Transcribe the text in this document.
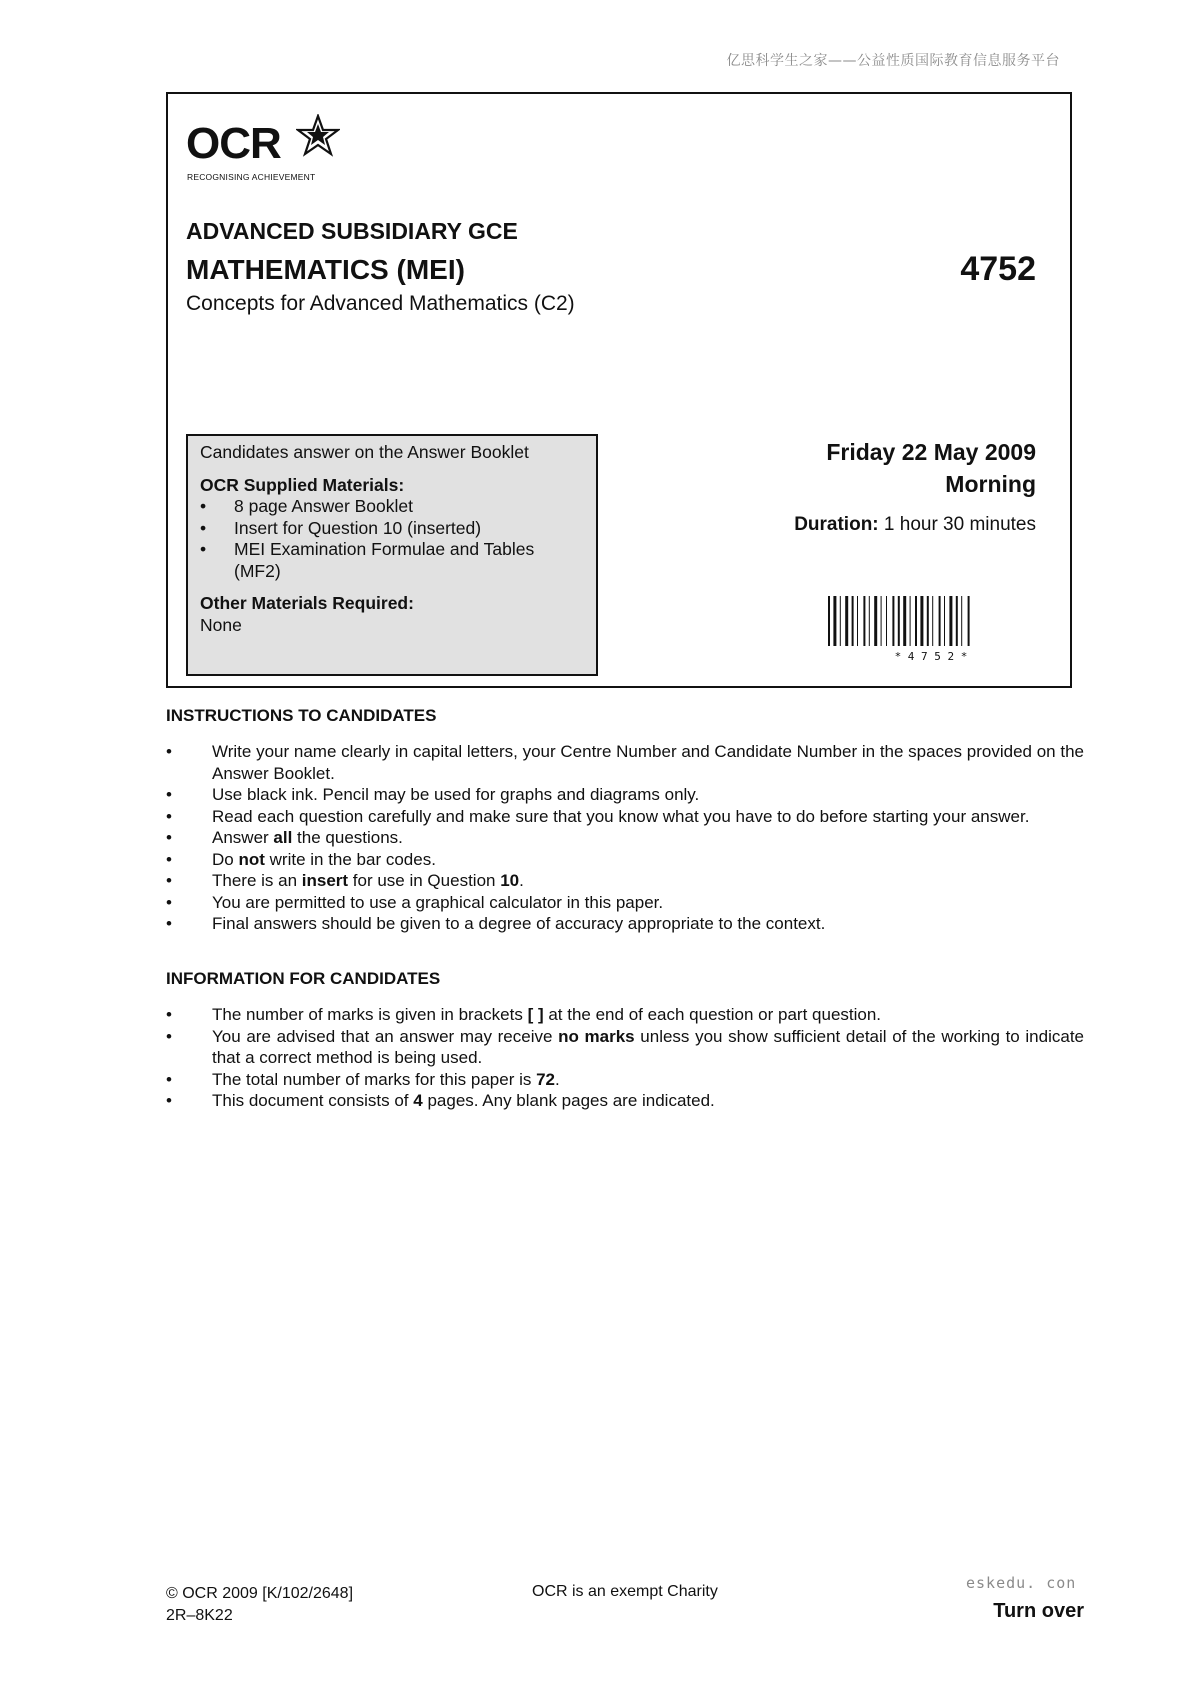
亿思科学生之家——公益性质国际教育信息服务平台
OCR
RECOGNISING ACHIEVEMENT
ADVANCED SUBSIDIARY GCE
MATHEMATICS (MEI)	4752
Concepts for Advanced Mathematics (C2)
Candidates answer on the Answer Booklet
OCR Supplied Materials:
• 8 page Answer Booklet
• Insert for Question 10 (inserted)
• MEI Examination Formulae and Tables (MF2)
Other Materials Required:
None
Friday 22 May 2009
Morning
Duration: 1 hour 30 minutes
* 4 7 5 2 *
INSTRUCTIONS TO CANDIDATES
• Write your name clearly in capital letters, your Centre Number and Candidate Number in the spaces provided on the Answer Booklet.
• Use black ink. Pencil may be used for graphs and diagrams only.
• Read each question carefully and make sure that you know what you have to do before starting your answer.
• Answer all the questions.
• Do not write in the bar codes.
• There is an insert for use in Question 10.
• You are permitted to use a graphical calculator in this paper.
• Final answers should be given to a degree of accuracy appropriate to the context.
INFORMATION FOR CANDIDATES
• The number of marks is given in brackets [ ] at the end of each question or part question.
• You are advised that an answer may receive no marks unless you show sufficient detail of the working to indicate that a correct method is being used.
• The total number of marks for this paper is 72.
• This document consists of 4 pages. Any blank pages are indicated.
© OCR 2009 [K/102/2648]
2R–8K22
OCR is an exempt Charity	eskedu. con
Turn over
